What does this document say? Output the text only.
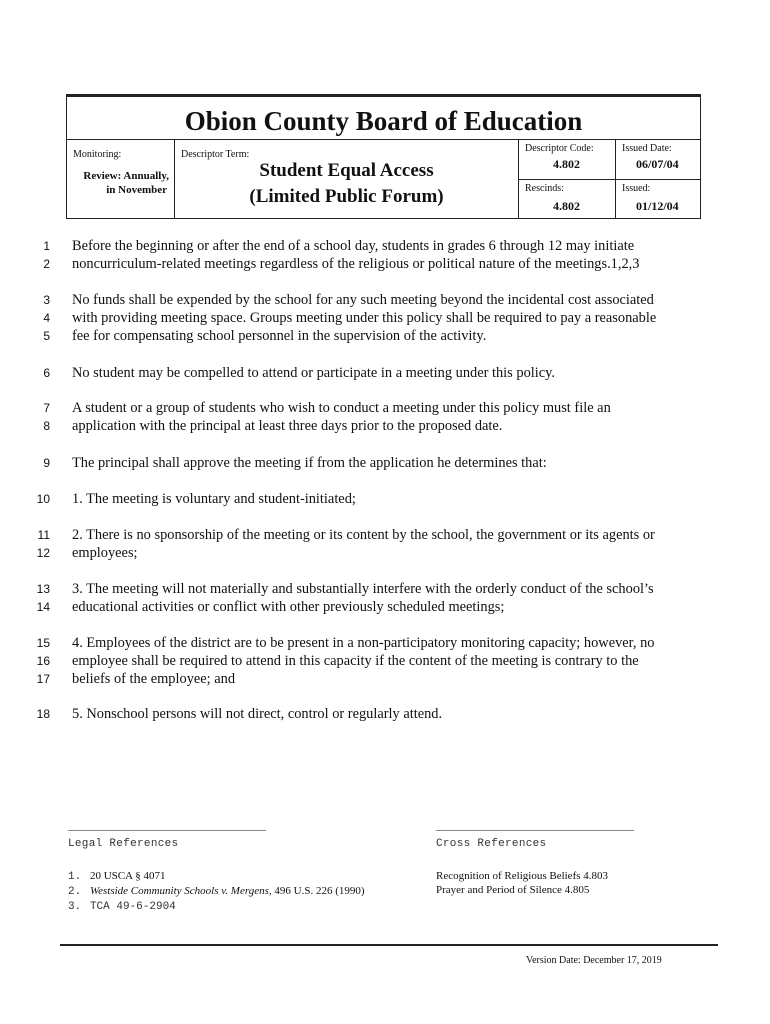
Obion County Board of Education
Monitoring:
Review: Annually,
in November
Descriptor Term:
Student Equal Access
(Limited Public Forum)
Descriptor Code:
4.802
Issued Date:
06/07/04
Rescinds:
4.802
Issued:
01/12/04
Before the beginning or after the end of a school day, students in grades 6 through 12 may initiate
noncurriculum-related meetings regardless of the religious or political nature of the meetings.1,2,3
1
2
No funds shall be expended by the school for any such meeting beyond the incidental cost associated
with providing meeting space. Groups meeting under this policy shall be required to pay a reasonable
fee for compensating school personnel in the supervision of the activity.
3
4
5
No student may be compelled to attend or participate in a meeting under this policy.
6
A student or a group of students who wish to conduct a meeting under this policy must file an
application with the principal at least three days prior to the proposed date.
7
8
The principal shall approve the meeting if from the application he determines that:
9
1. The meeting is voluntary and student-initiated;
10
2. There is no sponsorship of the meeting or its content by the school, the government or its agents or
employees;
11
12
3. The meeting will not materially and substantially interfere with the orderly conduct of the school’s
educational activities or conflict with other previously scheduled meetings;
13
14
4. Employees of the district are to be present in a non-participatory monitoring capacity; however, no
employee shall be required to attend in this capacity if the content of the meeting is contrary to the
beliefs of the employee; and
15
16
17
5. Nonschool persons will not direct, control or regularly attend.
18
Legal References
1. 20 USCA § 4071
2. Westside Community Schools v. Mergens, 496 U.S. 226 (1990)
3. TCA 49-6-2904
Cross References
Recognition of Religious Beliefs 4.803
Prayer and Period of Silence 4.805
Version Date: December 17, 2019
